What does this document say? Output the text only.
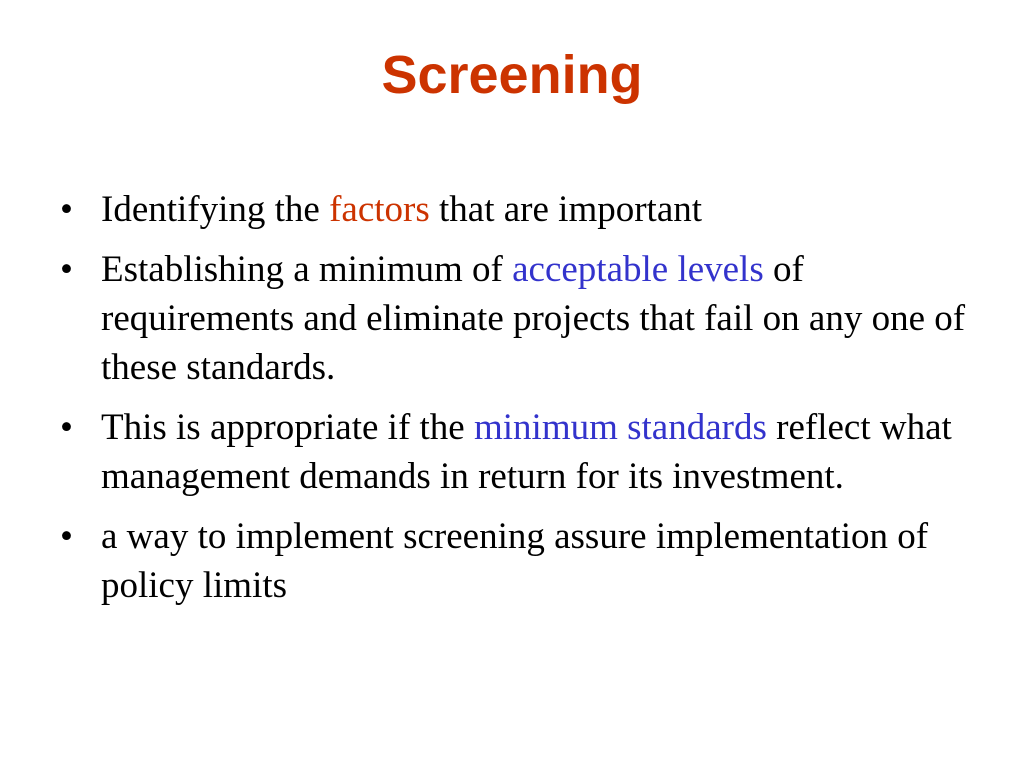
Screening
• Identifying the factors that are important
• Establishing a minimum of acceptable levels of requirements and eliminate projects that fail on any one of these standards.
• This is appropriate if the minimum standards reflect what management demands in return for its investment.
• a way to implement screening assure implementation of policy limits
